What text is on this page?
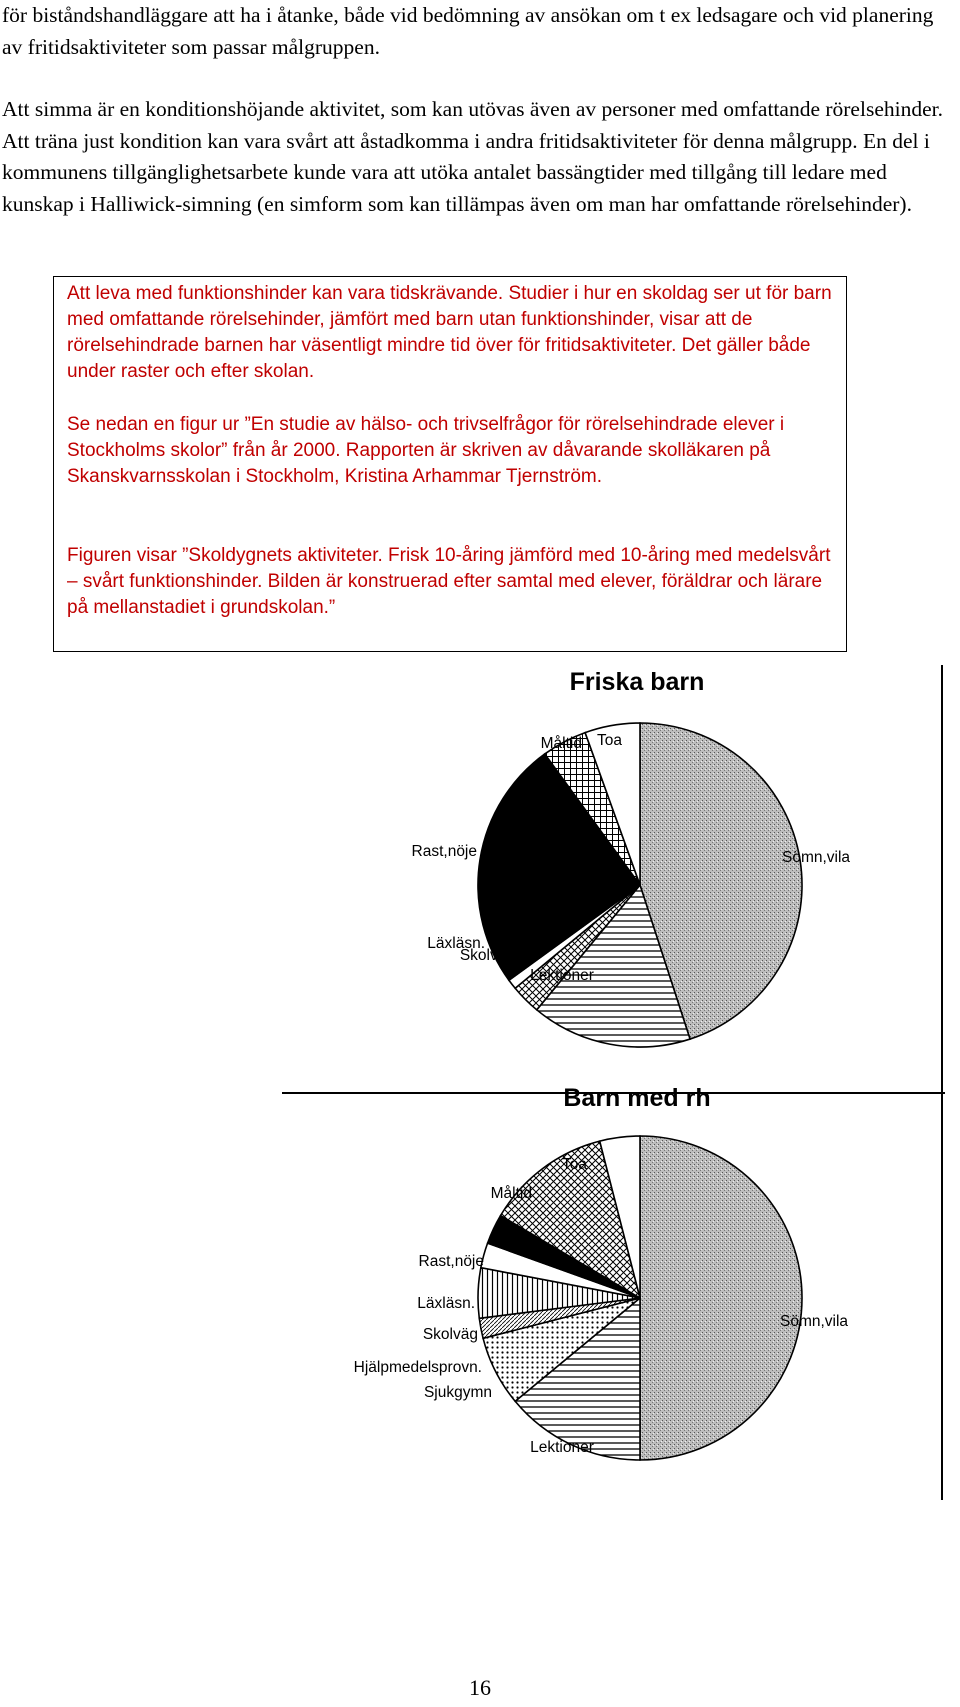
för biståndshandläggare att ha i åtanke, både vid bedömning av ansökan om t ex ledsagare och vid planering av fritidsaktiviteter som passar målgruppen.

Att simma är en konditionshöjande aktivitet, som kan utövas även av personer med omfattande rörelsehinder. Att träna just kondition kan vara svårt att åstadkomma i andra fritidsaktiviteter för denna målgrupp. En del i kommunens tillgänglighetsarbete kunde vara att utöka antalet bassängtider med tillgång till ledare med kunskap i Halliwick-simning (en simform som kan tillämpas även om man har omfattande rörelsehinder).

Att leva med funktionshinder kan vara tidskrävande. Studier i hur en skoldag ser ut för barn med omfattande rörelsehinder, jämfört med barn utan funktionshinder, visar att de rörelsehindrade barnen har väsentligt mindre tid över för fritidsaktiviteter. Det gäller både under raster och efter skolan.

Se nedan en figur ur ”En studie av hälso- och trivselfrågor för rörelsehindrade elever i Stockholms skolor” från år 2000. Rapporten är skriven av dåvarande skolläkaren på Skanskvarnsskolan i Stockholm, Kristina Arhammar Tjernström.

Figuren visar ”Skoldygnets aktiviteter. Frisk 10-åring jämförd med 10-åring med medelsvårt – svårt funktionshinder. Bilden är konstruerad efter samtal med elever, föräldrar och lärare på mellanstadiet i grundskolan.”

Friska barn
Sömn,vila
Lektioner
Skolväg
Läxläsn.
Rast,nöje
Måltid Toa
Barn med rh
Sömn,vila
Lektioner
Sjukgymn
Hjälpmedelsprovn.
Skolväg
Läxläsn.
Rast,nöje
Måltid
Toa
16
